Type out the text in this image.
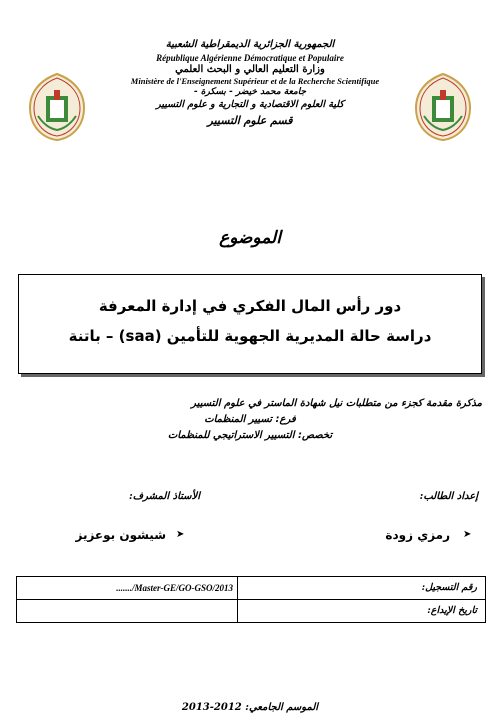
الجمهورية الجزائرية الديمقراطية الشعبية
République Algérienne Démocratique et Populaire
وزارة التعليم العالي و البحث العلمي
Ministère de l'Enseignement Supérieur et de la Recherche Scientifique
جامعة محمد خيضر - بسكرة -
كلية العلوم الاقتصادية و التجارية و علوم التسيير
قسم علوم التسيير
الموضوع
دور رأس المال الفكري في إدارة المعرفة
دراسة حالة المديرية الجهوية للتأمين (saa) – باتنة
مذكرة مقدمة كجزء من متطلبات نيل شهادة الماستر في علوم التسيير
فرع: تسيير المنظمات
تخصص: التسيير الاستراتيجي للمنظمات
إعداد الطالب:
الأستاذ المشرف:
➤
رمزي زودة
➤
شيشون بوعزيز
......./Master-GE/GO-GSO/2013	رقم التسجيل:
تاريخ الإيداع:
الموسم الجامعي: 2012-2013
